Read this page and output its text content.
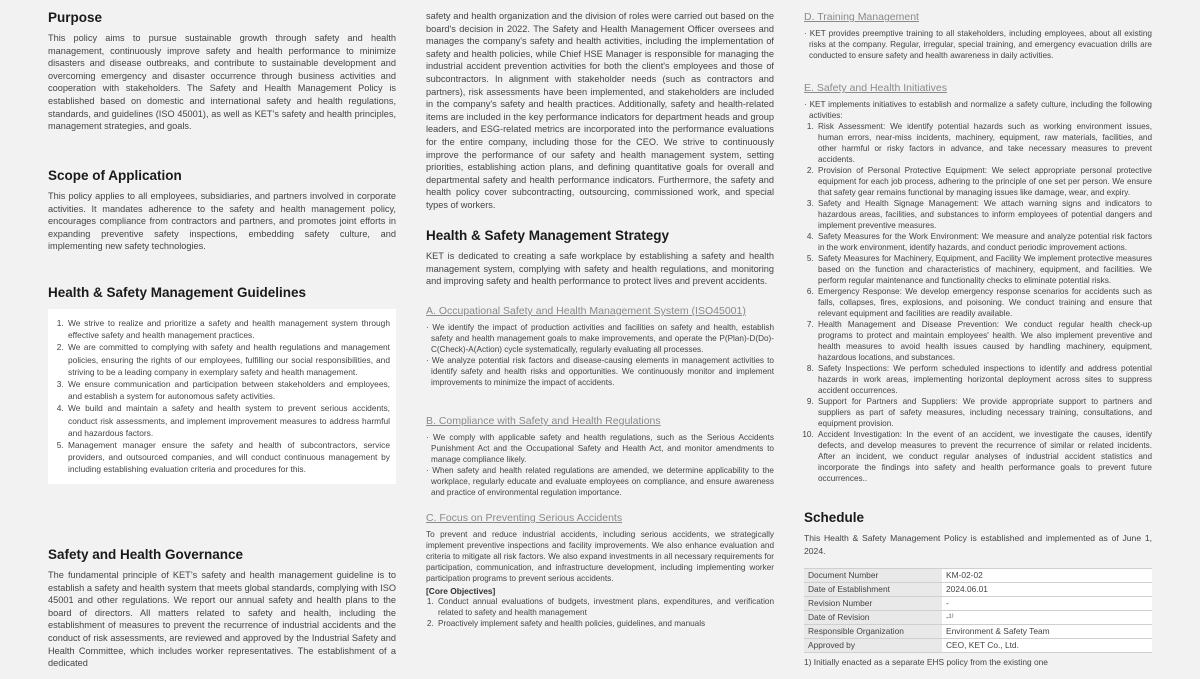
Purpose

This policy aims to pursue sustainable growth through safety and health management, continuously improve safety and health performance to minimize disasters and disease outbreaks, and contribute to sustainable development and overcoming emergency and disaster occurrence through business activities and cooperation with stakeholders. The Safety and Health Management Policy is established based on domestic and international safety and health regulations, standards, and guidelines (ISO 45001), as well as KET’s safety and health principles, management strategies, and goals.

Scope of Application

This policy applies to all employees, subsidiaries, and partners involved in corporate activities. It mandates adherence to the safety and health management policy, encourages compliance from contractors and partners, and promotes joint efforts in expanding preventive safety inspections, embedding safety culture, and implementing new safety technologies.

Health & Safety Management Guidelines
1. We strive to realize and prioritize a safety and health management system through effective safety and health management practices.
2. We are committed to complying with safety and health regulations and management policies, ensuring the rights of our employees, fulfilling our social responsibilities, and striving to be a leading company in exemplary safety and health management.
3. We ensure communication and participation between stakeholders and employees, and establish a system for autonomous safety activities.
4. We build and maintain a safety and health system to prevent serious accidents, conduct risk assessments, and implement improvement measures to address harmful and hazardous factors.
5. Management manager ensure the safety and health of subcontractors, service providers, and outsourced companies, and will conduct continuous management by including establishing evaluation criteria and procedures for this.
Safety and Health Governance

The fundamental principle of KET’s safety and health management guideline is to establish a safety and health system that meets global standards, complying with ISO 45001 and other regulations. We report our annual safety and health plans to the board of directors. All matters related to safety and health, including the establishment of measures to prevent the recurrence of industrial accidents and the conduct of risk assessments, are reviewed and approved by the Industrial Safety and Health Committee, which includes worker representatives. The establishment of a dedicated

safety and health organization and the division of roles were carried out based on the board's decision in 2022. The Safety and Health Management Officer oversees and manages the company's safety and health activities, including the implementation of safety and health policies, while Chief HSE Manager is responsible for managing the industrial accident prevention activities for both the client's employees and those of subcontractors. In alignment with stakeholder needs (such as contractors and partners), risk assessments have been implemented, and stakeholders are included in the company's safety and health practices. Additionally, safety and health-related items are included in the key performance indicators for department heads and group leaders, and ESG-related metrics are incorporated into the performance evaluations for the entire company, including those for the CEO. We strive to continuously improve the performance of our safety and health management system, setting priorities, establishing action plans, and defining quantitative goals for overall and departmental safety and health performance indicators. Furthermore, the safety and health policy cover subcontracting, outsourcing, commissioned work, and special types of workers.

Health & Safety Management Strategy

KET is dedicated to creating a safe workplace by establishing a safety and health management system, complying with safety and health regulations, and monitoring and improving safety and health performance to protect lives and prevent accidents.

A. Occupational Safety and Health Management System (ISO45001)
· We identify the impact of production activities and facilities on safety and health, establish safety and health management goals to make improvements, and operate the P(Plan)-D(Do)-C(Check)-A(Action) cycle systematically, regularly evaluating all processes.
· We analyze potential risk factors and disease-causing elements in management activities to identify safety and health risks and opportunities. We continuously monitor and implement improvements to minimize the impact of accidents.
B. Compliance with Safety and Health Regulations
· We comply with applicable safety and health regulations, such as the Serious Accidents Punishment Act and the Occupational Safety and Health Act, and monitor amendments to manage compliance likely.
· When safety and health related regulations are amended, we determine applicability to the workplace, regularly educate and evaluate employees on compliance, and ensure awareness and practice of environmental regulation importance.
C. Focus on Preventing Serious Accidents

To prevent and reduce industrial accidents, including serious accidents, we strategically implement preventive inspections and facility improvements. We also enhance evaluation and criteria to mitigate all risk factors. We also expand investments in all necessary requirements for participation, communication, and infrastructure development, including implementing worker participation programs to prevent serious accidents.

[Core Objectives]
1. Conduct annual evaluations of budgets, investment plans, expenditures, and verification related to safety and health management
2. Proactively implement safety and health policies, guidelines, and manuals
D. Training Management
· KET provides preemptive training to all stakeholders, including employees, about all existing risks at the company. Regular, irregular, special training, and emergency evacuation drills are conducted to ensure safety and health awareness in daily activities.
E. Safety and Health Initiatives
· KET implements initiatives to establish and normalize a safety culture, including the following activities:
1. Risk Assessment: We identify potential hazards such as working environment issues, human errors, near-miss incidents, machinery, equipment, raw materials, facilities, and other harmful or risky factors in advance, and take necessary measures to prevent accidents.
2. Provision of Personal Protective Equipment: We select appropriate personal protective equipment for each job process, adhering to the principle of one set per person. We ensure that safety gear remains functional by managing issues like damage, wear, and expiry.
3. Safety and Health Signage Management: We attach warning signs and indicators to hazardous areas, facilities, and substances to inform employees of potential dangers and implement preventive measures.
4. Safety Measures for the Work Environment: We measure and analyze potential risk factors in the work environment, identify hazards, and conduct periodic improvement actions.
5. Safety Measures for Machinery, Equipment, and Facility We implement protective measures based on the function and characteristics of machinery, equipment, and facilities. We perform regular maintenance and functionality checks to eliminate potential risks.
6. Emergency Response: We develop emergency response scenarios for accidents such as falls, collapses, fires, explosions, and poisoning. We conduct training and ensure that relevant equipment and facilities are readily available.
7. Health Management and Disease Prevention: We conduct regular health check-up programs to protect and maintain employees' health. We also implement preventive and health measures to avoid health issues caused by handling machinery, equipment, hazardous locations, and substances.
8. Safety Inspections: We perform scheduled inspections to identify and address potential hazards in work areas, implementing horizontal deployment across sites to suppress accident occurrences.
9. Support for Partners and Suppliers: We provide appropriate support to partners and suppliers as part of safety measures, including necessary training, consultations, and equipment provision.
10. Accident Investigation: In the event of an accident, we investigate the causes, identify defects, and develop measures to prevent the recurrence of similar or related incidents. After an incident, we conduct regular analyses of industrial accident statistics and incorporate the findings into safety and health performance goals to prevent future occurrences..
Schedule

This Health & Safety Management Policy is established and implemented as of June 1, 2024.

Document Number	KM-02-02
Date of Establishment	2024.06.01
Revision Number	-
Date of Revision	-¹⁾
Responsible Organization	Environment & Safety Team
Approved by	CEO, KET Co., Ltd.
1) Initially enacted as a separate EHS policy from the existing one
